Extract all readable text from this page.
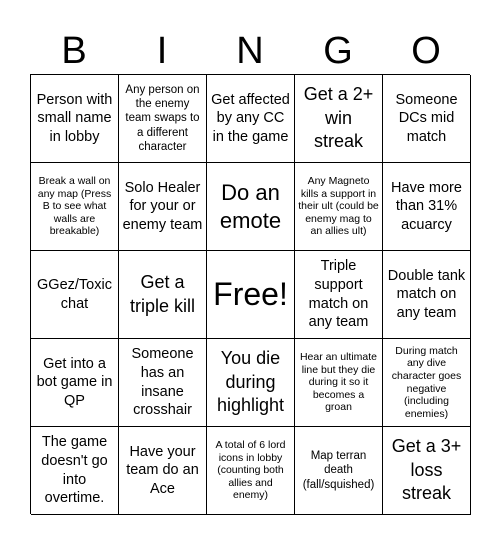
B	I	N	G	O
Person with small name in lobby
Any person on the enemy team swaps to a different character
Get affected by any CC in the game
Get a 2+ win streak
Someone DCs mid match
Break a wall on any map (Press B to see what walls are breakable)
Solo Healer for your or enemy team
Do an emote
Any Magneto kills a support in their ult (could be enemy mag to an allies ult)
Have more than 31% acuarcy
GGez/Toxic chat
Get a triple kill Free!
Triple support match on any team
Double tank match on any team
Get into a bot game in QP
Someone has an insane crosshair
You die during highlight
Hear an ultimate line but they die during it so it becomes a groan
During match any dive character goes negative (including enemies)
The game doesn't go into overtime.
Have your team do an Ace
A total of 6 lord icons in lobby (counting both allies and enemy)
Map terran death (fall/squished)
Get a 3+ loss streak
